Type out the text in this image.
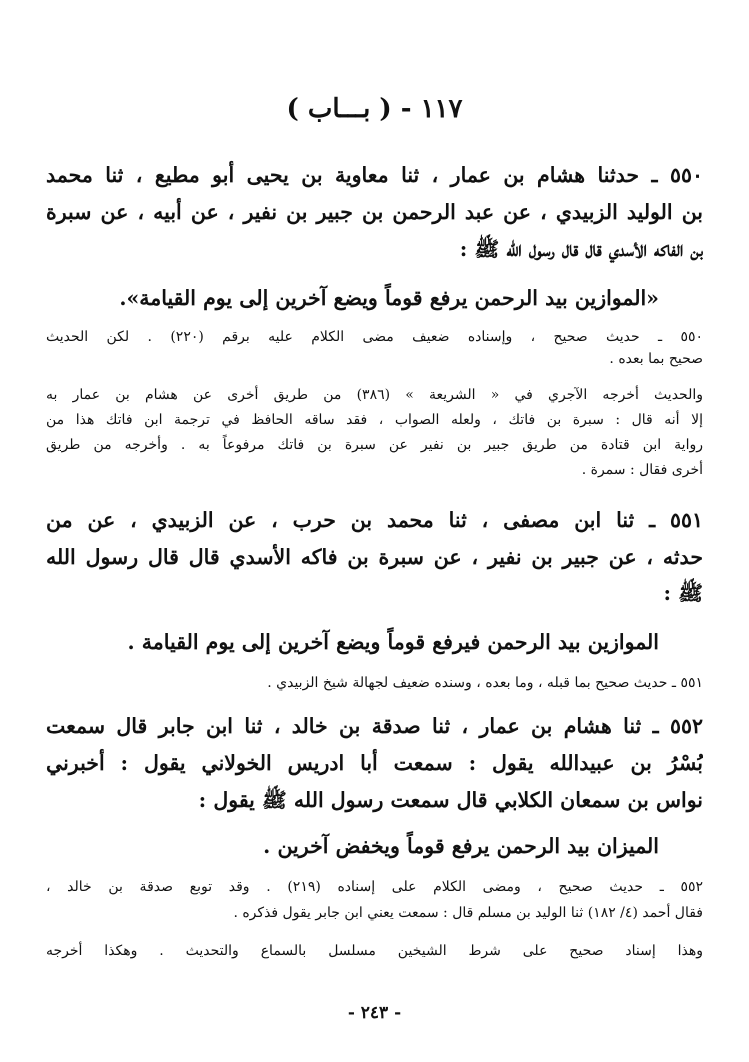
١١٧ - ( بـــاب )
٥٥٠ ـ حدثنا هشام بن عمار ، ثنا معاوية بن يحيى أبو مطيع ، ثنا محمد
بن الوليد الزبيدي ، عن عبد الرحمن بن جبير بن نفير ، عن أبيه ، عن سبرة
بن الفاكه الأسدي قال قال رسول الله ﷺ :
«الموازين بيد الرحمن يرفع قوماً ويضع آخرين إلى يوم القيامة».
٥٥٠ ـ حديث صحيح ، وإسناده ضعيف مضى الكلام عليه برقم (٢٢٠) . لكن الحديث
صحيح بما بعده .
والحديث أخرجه الآجري في « الشريعة » (٣٨٦) من طريق أخرى عن هشام بن عمار به
إلا أنه قال : سبرة بن فاتك ، ولعله الصواب ، فقد ساقه الحافظ في ترجمة ابن فاتك هذا من
رواية ابن قتادة من طريق جبير بن نفير عن سبرة بن فاتك مرفوعاً به . وأخرجه من طريق
أخرى فقال : سمرة .
٥٥١ ـ ثنا ابن مصفى ، ثنا محمد بن حرب ، عن الزبيدي ، عن من
حدثه ، عن جبير بن نفير ، عن سبرة بن فاكه الأسدي قال قال رسول الله
ﷺ :
الموازين بيد الرحمن فيرفع قوماً ويضع آخرين إلى يوم القيامة .
٥٥١ ـ حديث صحيح بما قبله ، وما بعده ، وسنده ضعيف لجهالة شيخ الزبيدي .
٥٥٢ ـ ثنا هشام بن عمار ، ثنا صدقة بن خالد ، ثنا ابن جابر قال سمعت
بُسْرُ بن عبيدالله يقول : سمعت أبا ادريس الخولاني يقول : أخبرني
نواس بن سمعان الكلابي قال سمعت رسول الله ﷺ يقول :
الميزان بيد الرحمن يرفع قوماً ويخفض آخرين .
٥٥٢ ـ حديث صحيح ، ومضى الكلام على إسناده (٢١٩) . وقد توبع صدقة بن خالد ،
فقال أحمد (٤/ ١٨٢) ثنا الوليد بن مسلم قال : سمعت يعني ابن جابر يقول فذكره .
وهذا إسناد صحيح على شرط الشيخين مسلسل بالسماع والتحديث . وهكذا أخرجه
- ٢٤٣ -
